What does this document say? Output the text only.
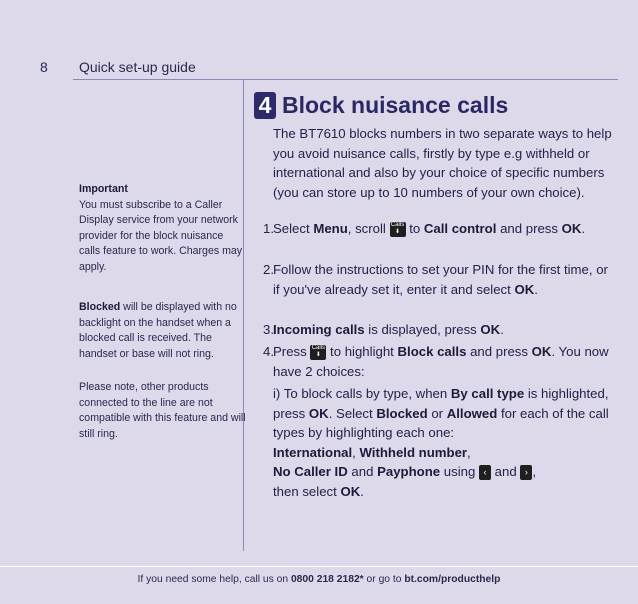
8 Quick set-up guide
Important
You must subscribe to a Caller Display service from your network provider for the block nuisance calls feature to work. Charges may apply.
Blocked will be displayed with no backlight on the handset when a blocked call is received. The handset or base will not ring.
Please note, other products connected to the line are not compatible with this feature and will still ring.
4 Block nuisance calls
The BT7610 blocks numbers in two separate ways to help you avoid nuisance calls, firstly by type e.g withheld or international and also by your choice of specific numbers (you can store up to 10 numbers of your own choice).
1. Select Menu, scroll Calls
⬇ to Call control and press OK.
2. Follow the instructions to set your PIN for the first time, or if you've already set it, enter it and select OK.
3. Incoming calls is displayed, press OK.
4. Press Calls
⬇ to highlight Block calls and press OK. You now have 2 choices:
i) To block calls by type, when By call type is highlighted, press OK. Select Blocked or Allowed for each of the call types by highlighting each one:
International, Withheld number,
No Caller ID and Payphone using ‹ and › ,
then select OK.
If you need some help, call us on 0800 218 2182* or go to bt.com/producthelp
